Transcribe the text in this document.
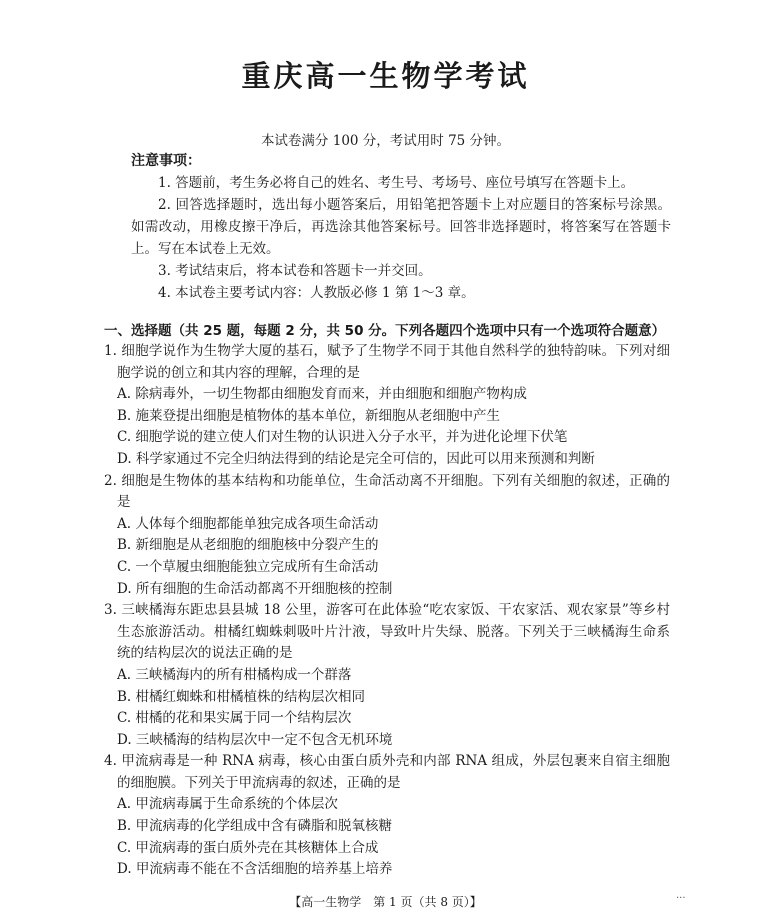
重庆高一生物学考试
本试卷满分 100 分，考试用时 75 分钟。
注意事项：

1. 答题前，考生务必将自己的姓名、考生号、考场号、座位号填写在答题卡上。

2. 回答选择题时，选出每小题答案后，用铅笔把答题卡上对应题目的答案标号涂黑。如需改动，用橡皮擦干净后，再选涂其他答案标号。回答非选择题时，将答案写在答题卡上。写在本试卷上无效。

3. 考试结束后，将本试卷和答题卡一并交回。

4. 本试卷主要考试内容：人教版必修 1 第 1～3 章。

一、选择题（共 25 题，每题 2 分，共 50 分。下列各题四个选项中只有一个选项符合题意）

1. 细胞学说作为生物学大厦的基石，赋予了生物学不同于其他自然科学的独特韵味。下列对细胞学说的创立和其内容的理解，合理的是

A. 除病毒外，一切生物都由细胞发育而来，并由细胞和细胞产物构成

B. 施莱登提出细胞是植物体的基本单位，新细胞从老细胞中产生

C. 细胞学说的建立使人们对生物的认识进入分子水平，并为进化论埋下伏笔

D. 科学家通过不完全归纳法得到的结论是完全可信的，因此可以用来预测和判断

2. 细胞是生物体的基本结构和功能单位，生命活动离不开细胞。下列有关细胞的叙述，正确的是

A. 人体每个细胞都能单独完成各项生命活动

B. 新细胞是从老细胞的细胞核中分裂产生的

C. 一个草履虫细胞能独立完成所有生命活动

D. 所有细胞的生命活动都离不开细胞核的控制

3. 三峡橘海东距忠县县城 18 公里，游客可在此体验“吃农家饭、干农家活、观农家景”等乡村生态旅游活动。柑橘红蜘蛛刺吸叶片汁液，导致叶片失绿、脱落。下列关于三峡橘海生命系统的结构层次的说法正确的是

A. 三峡橘海内的所有柑橘构成一个群落

B. 柑橘红蜘蛛和柑橘植株的结构层次相同

C. 柑橘的花和果实属于同一个结构层次

D. 三峡橘海的结构层次中一定不包含无机环境

4. 甲流病毒是一种 RNA 病毒，核心由蛋白质外壳和内部 RNA 组成，外层包裹来自宿主细胞的细胞膜。下列关于甲流病毒的叙述，正确的是

A. 甲流病毒属于生命系统的个体层次

B. 甲流病毒的化学组成中含有磷脂和脱氧核糖

C. 甲流病毒的蛋白质外壳在其核糖体上合成

D. 甲流病毒不能在不含活细胞的培养基上培养

【高一生物学　第 1 页（共 8 页）】	...
